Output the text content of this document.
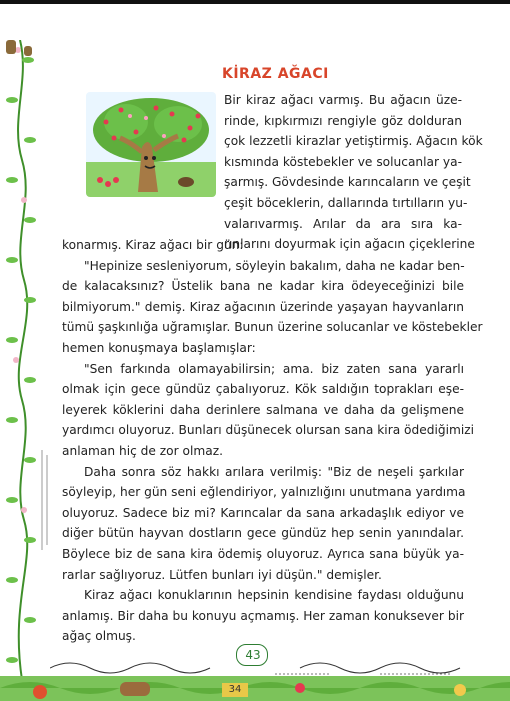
KİRAZ AĞACI
Bir kiraz ağacı varmış. Bu ağacın üze-
rinde, kıpkırmızı rengiyle göz dolduran
çok lezzetli kirazlar yetiştirmiş. Ağacın kök
kısmında köstebekler ve solucanlar ya-
şarmış. Gövdesinde karıncaların ve çeşit
çeşit böceklerin, dallarında tırtılların yu-
valarıvarmış. Arılar da ara sıra ka-
rınlarını doyurmak için ağacın çiçeklerine
konarmış. Kiraz ağacı bir gün:
"Hepinize sesleniyorum, söyleyin bakalım, daha ne kadar ben-
de kalacaksınız? Üstelik bana ne kadar kira ödeyeceğinizi bile
bilmiyorum." demiş. Kiraz ağacının üzerinde yaşayan hayvanların
tümü şaşkınlığa uğramışlar. Bunun üzerine solucanlar ve köstebekler
hemen konuşmaya başlamışlar:
"Sen farkında olamayabilirsin; ama. biz zaten sana yararlı
olmak için gece gündüz çabalıyoruz. Kök saldığın toprakları eşe-
leyerek köklerini daha derinlere salmana ve daha da gelişmene
yardımcı oluyoruz. Bunları düşünecek olursan sana kira ödediğimizi
anlaman hiç de zor olmaz.
Daha sonra söz hakkı arılara verilmiş: "Biz de neşeli şarkılar
söyleyip, her gün seni eğlendiriyor, yalnızlığını unutmana yardıma
oluyoruz. Sadece biz mi? Karıncalar da sana arkadaşlık ediyor ve
diğer bütün hayvan dostların gece gündüz hep senin yanındalar.
Böylece biz de sana kira ödemiş oluyoruz. Ayrıca sana büyük ya-
rarlar sağlıyoruz. Lütfen bunları iyi düşün." demişler.
Kiraz ağacı konuklarının hepsinin kendisine faydası olduğunu
anlamış. Bir daha bu konuyu açmamış. Her zaman konuksever bir
ağaç olmuş.
43
34
